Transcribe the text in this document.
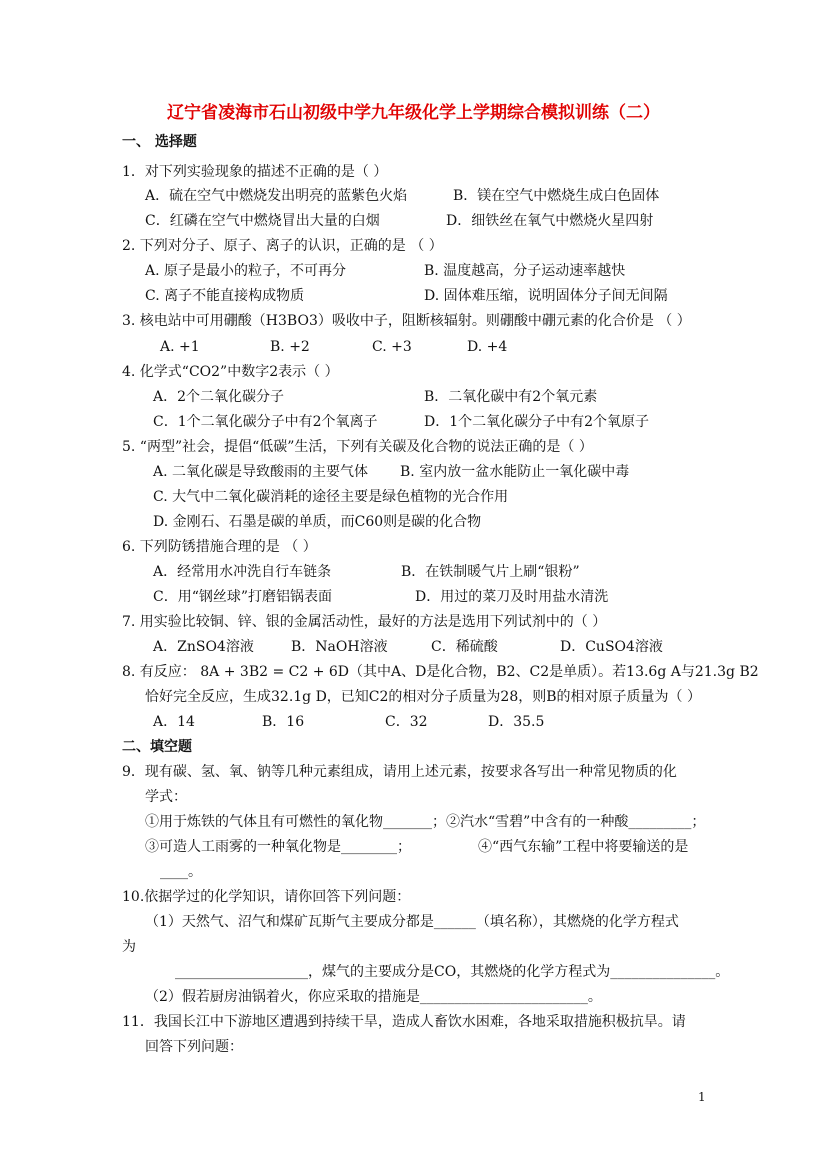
辽宁省凌海市石山初级中学九年级化学上学期综合模拟训练（二）
一、 选择题
1．对下列实验现象的描述不正确的是（ ）
A．硫在空气中燃烧发出明亮的蓝紫色火焰	B．镁在空气中燃烧生成白色固体
C．红磷在空气中燃烧冒出大量的白烟	D．细铁丝在氧气中燃烧火星四射
2. 下列对分子、原子、离子的认识，正确的是 （ ）
A. 原子是最小的粒子，不可再分	B. 温度越高，分子运动速率越快
C. 离子不能直接构成物质	D. 固体难压缩，说明固体分子间无间隔
3. 核电站中可用硼酸（H3BO3）吸收中子，阻断核辐射。则硼酸中硼元素的化合价是 （ ）
A. +1	B. +2	C. +3	D. +4
4. 化学式“CO2”中数字2表示（ ）
A．2个二氧化碳分子	B．二氧化碳中有2个氧元素
C．1个二氧化碳分子中有2个氧离子	D．1个二氧化碳分子中有2个氧原子
5. “两型”社会，提倡“低碳”生活，下列有关碳及化合物的说法正确的是（ ）
A. 二氧化碳是导致酸雨的主要气体 B. 室内放一盆水能防止一氧化碳中毒
C. 大气中二氧化碳消耗的途径主要是绿色植物的光合作用
D. 金刚石、石墨是碳的单质，而C60则是碳的化合物
6. 下列防锈措施合理的是 （ ）
A．经常用水冲洗自行车链条	B．在铁制暖气片上刷“银粉”
C．用“钢丝球”打磨铝锅表面	D．用过的菜刀及时用盐水清洗
7. 用实验比较铜、锌、银的金属活动性，最好的方法是选用下列试剂中的（ ）
A．ZnSO4溶液	B．NaOH溶液	C．稀硫酸	D．CuSO4溶液
8. 有反应： 8A + 3B2 = C2 + 6D（其中A、D是化合物，B2、C2是单质）。若13.6g A与21.3g B2
恰好完全反应，生成32.1g D，已知C2的相对分子质量为28，则B的相对原子质量为（ ）
A．14	B．16	C．32	D．35.5
二、填空题
9．现有碳、氢、氧、钠等几种元素组成，请用上述元素，按要求各写出一种常见物质的化
学式：
①用于炼铁的气体且有可燃性的氧化物_______；②汽水“雪碧”中含有的一种酸_________；
③可造人工雨雾的一种氧化物是________；	④“西气东输”工程中将要输送的是
____。
10.依据学过的化学知识，请你回答下列问题：
（1）天然气、沼气和煤矿瓦斯气主要成分都是______（填名称），其燃烧的化学方程式
为
___________________，煤气的主要成分是CO，其燃烧的化学方程式为_______________。
（2）假若厨房油锅着火，你应采取的措施是________________________。
11．我国长江中下游地区遭遇到持续干旱，造成人畜饮水困难，各地采取措施积极抗旱。请
回答下列问题：
1
